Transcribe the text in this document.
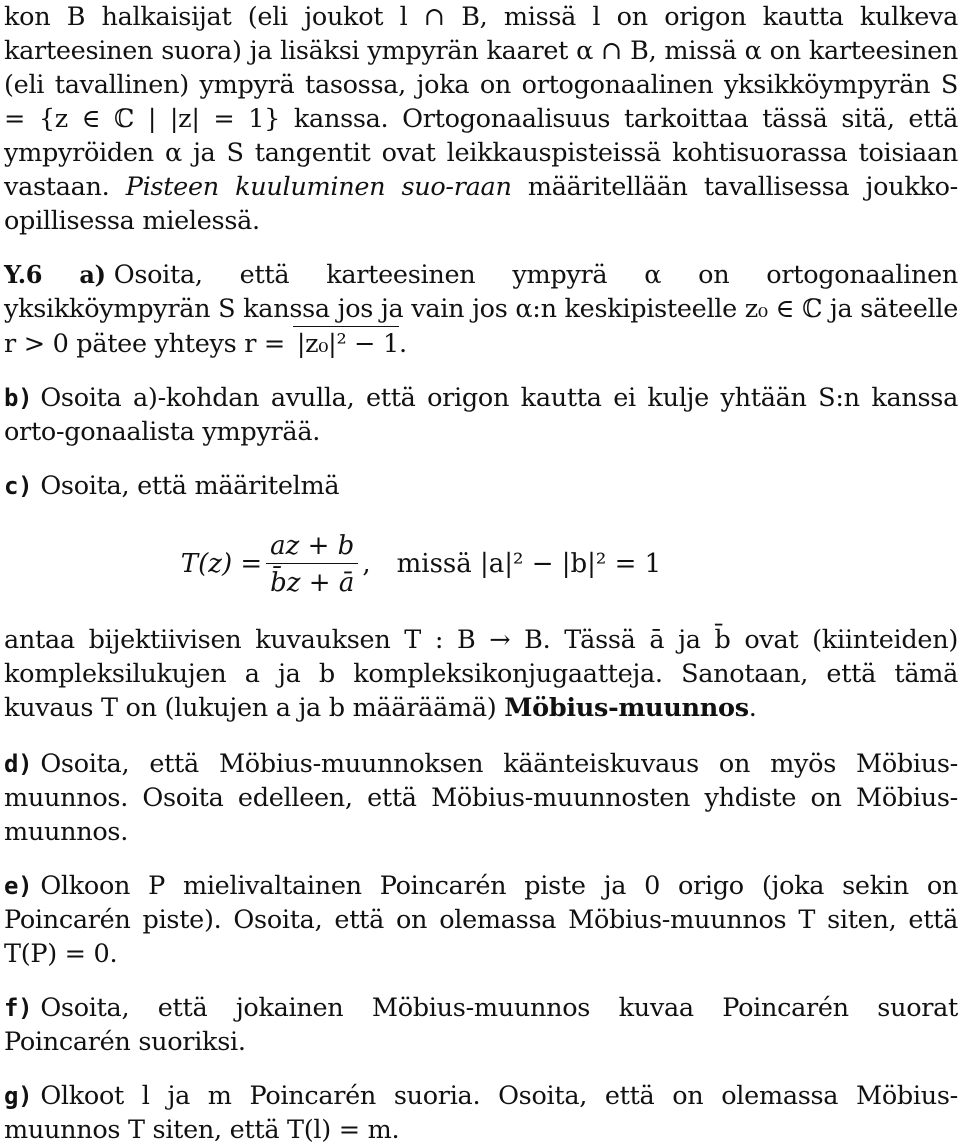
kon B halkaisijat (eli joukot l ∩ B, missä l on origon kautta kulkeva karteesinen suora) ja lisäksi ympyrän kaaret α ∩ B, missä α on karteesinen (eli tavallinen) ympyrä tasossa, joka on ortogonaalinen yksikköympyrän S = {z ∈ ℂ | |z| = 1} kanssa. Ortogonaalisuus tarkoittaa tässä sitä, että ympyröiden α ja S tangentit ovat leikkauspisteissä kohtisuorassa toisiaan vastaan. Pisteen kuuluminen suo-raan määritellään tavallisessa joukko-opillisessa mielessä.

Y.6 a) Osoita, että karteesinen ympyrä α on ortogonaalinen yksikköympyrän S kanssa jos ja vain jos α:n keskipisteelle z₀ ∈ ℂ ja säteelle r > 0 pätee yhteys r = |z₀|² − 1.

b) Osoita a)-kohdan avulla, että origon kautta ei kulje yhtään S:n kanssa orto-gonaalista ympyrää.

c) Osoita, että määritelmä

$T(z) = \frac{az + b}{b̄z + ā}$ , missä |a|² − |b|² = 1

antaa bijektiivisen kuvauksen T : B → B. Tässä ā ja b̄ ovat (kiinteiden) kompleksilukujen a ja b kompleksikonjugaatteja. Sanotaan, että tämä kuvaus T on (lukujen a ja b määräämä) Möbius-muunnos.

d) Osoita, että Möbius-muunnoksen käänteiskuvaus on myös Möbius-muunnos. Osoita edelleen, että Möbius-muunnosten yhdiste on Möbius-muunnos.

e) Olkoon P mielivaltainen Poincarén piste ja 0 origo (joka sekin on Poincarén piste). Osoita, että on olemassa Möbius-muunnos T siten, että T(P) = 0.

f) Osoita, että jokainen Möbius-muunnos kuvaa Poincarén suorat Poincarén suoriksi.

g) Olkoot l ja m Poincarén suoria. Osoita, että on olemassa Möbius-muunnos T siten, että T(l) = m.
